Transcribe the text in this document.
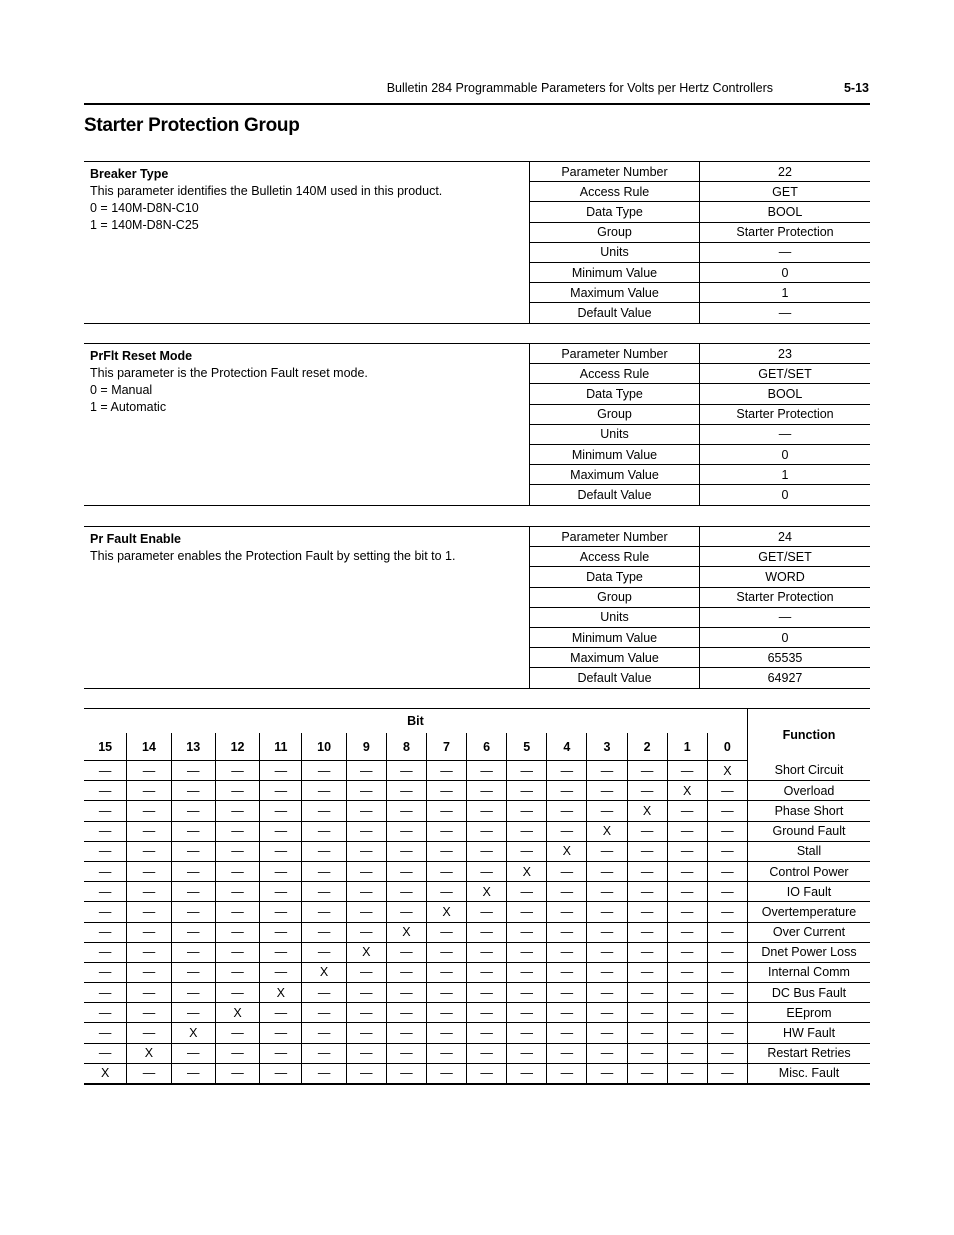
Bulletin 284 Programmable Parameters for Volts per Hertz Controllers	5-13
Starter Protection Group
Breaker Type
This parameter identifies the Bulletin 140M used in this product.
0 = 140M-D8N-C10
1 = 140M-D8N-C25
Parameter Number	22
Access Rule	GET
Data Type	BOOL
Group	Starter Protection
Units	—
Minimum Value	0
Maximum Value	1
Default Value	—
PrFlt Reset Mode
This parameter is the Protection Fault reset mode.
0 = Manual
1 = Automatic
Parameter Number	23
Access Rule	GET/SET
Data Type	BOOL
Group	Starter Protection
Units	—
Minimum Value	0
Maximum Value	1
Default Value	0
Pr Fault Enable
This parameter enables the Protection Fault by setting the bit to 1.
Parameter Number	24
Access Rule	GET/SET
Data Type	WORD
Group	Starter Protection
Units	—
Minimum Value	0
Maximum Value	65535
Default Value	64927
Bit																Function
15	14	13	12	11	10	9	8	7	6	5	4	3	2	1	0	
—	—	—	—	—	—	—	—	—	—	—	—	—	—	—	X	Short Circuit
—	—	—	—	—	—	—	—	—	—	—	—	—	—	X	—	Overload
—	—	—	—	—	—	—	—	—	—	—	—	—	X	—	—	Phase Short
—	—	—	—	—	—	—	—	—	—	—	—	X	—	—	—	Ground Fault
—	—	—	—	—	—	—	—	—	—	—	X	—	—	—	—	Stall
—	—	—	—	—	—	—	—	—	—	X	—	—	—	—	—	Control Power
—	—	—	—	—	—	—	—	—	X	—	—	—	—	—	—	IO Fault
—	—	—	—	—	—	—	—	X	—	—	—	—	—	—	—	Overtemperature
—	—	—	—	—	—	—	X	—	—	—	—	—	—	—	—	Over Current
—	—	—	—	—	—	X	—	—	—	—	—	—	—	—	—	Dnet Power Loss
—	—	—	—	—	X	—	—	—	—	—	—	—	—	—	—	Internal Comm
—	—	—	—	X	—	—	—	—	—	—	—	—	—	—	—	DC Bus Fault
—	—	—	X	—	—	—	—	—	—	—	—	—	—	—	—	EEprom
—	—	X	—	—	—	—	—	—	—	—	—	—	—	—	—	HW Fault
—	X	—	—	—	—	—	—	—	—	—	—	—	—	—	—	Restart Retries
X	—	—	—	—	—	—	—	—	—	—	—	—	—	—	—	Misc. Fault
